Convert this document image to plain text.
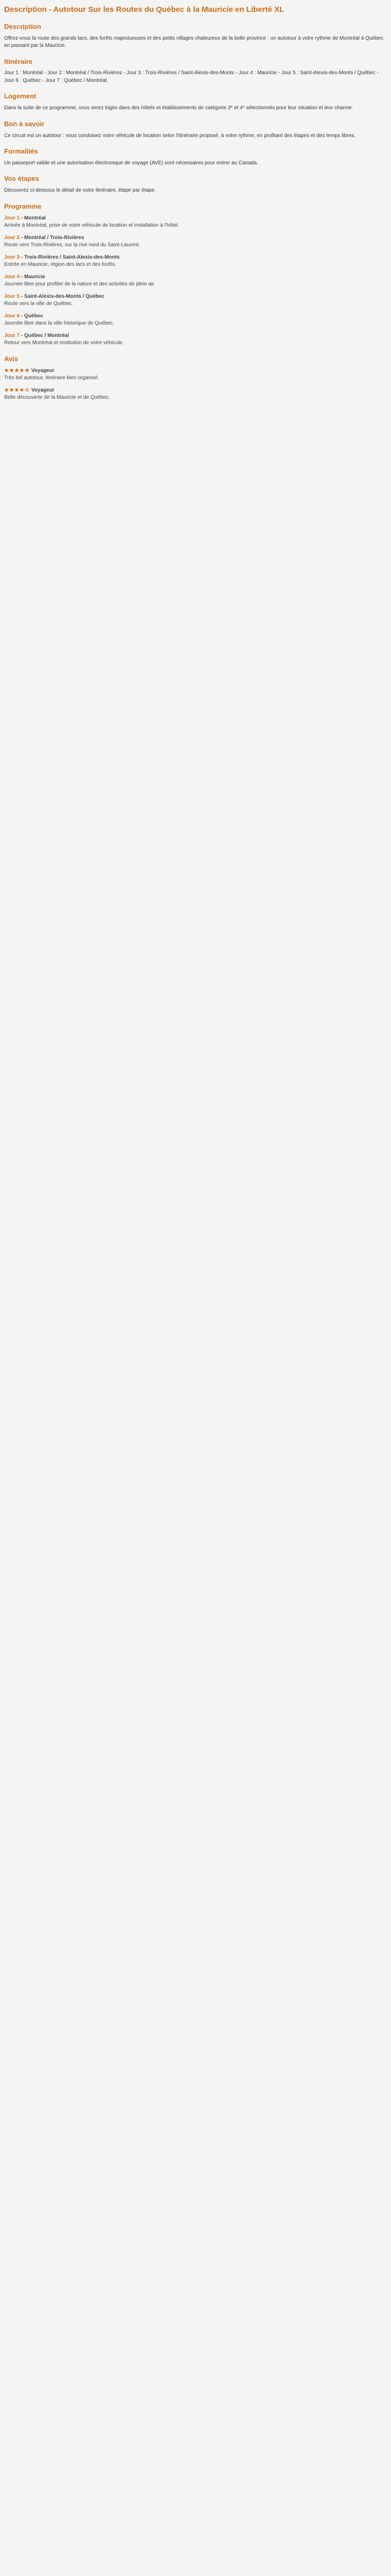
Description - Autotour Sur les Routes du Québec à la Mauricie en Liberté XL
Description

Offrez-vous la route des grands lacs, des forêts majestueuses et des petits villages chaleureux de la belle province : un autotour à votre rythme de Montréal à Québec en passant par la Mauricie.

Itinéraire

Jour 1 : Montréal - Jour 2 : Montréal / Trois-Rivières - Jour 3 : Trois-Rivières / Saint-Alexis-des-Monts - Jour 4 : Mauricie - Jour 5 : Saint-Alexis-des-Monts / Québec - Jour 6 : Québec - Jour 7 : Québec / Montréal.

Logement

Dans la suite de ce programme, vous serez logés dans des hôtels et établissements de catégorie 3* et 4* sélectionnés pour leur situation et leur charme.

Bon à savoir

Ce circuit est un autotour : vous conduisez votre véhicule de location selon l'itinéraire proposé, à votre rythme, en profitant des étapes et des temps libres.

Formalités

Un passeport valide et une autorisation électronique de voyage (AVE) sont nécessaires pour entrer au Canada.

Vos étapes

Découvrez ci-dessous le détail de votre itinéraire, étape par étape.

Programme
Jour 1 - Montréal

Arrivée à Montréal, prise de votre véhicule de location et installation à l'hôtel.

Jour 2 - Montréal / Trois-Rivières

Route vers Trois-Rivières, sur la rive nord du Saint-Laurent.

Jour 3 - Trois-Rivières / Saint-Alexis-des-Monts

Entrée en Mauricie, région des lacs et des forêts.

Jour 4 - Mauricie

Journée libre pour profiter de la nature et des activités de plein air.

Jour 5 - Saint-Alexis-des-Monts / Québec

Route vers la ville de Québec.

Jour 6 - Québec

Journée libre dans la ville historique de Québec.

Jour 7 - Québec / Montréal

Retour vers Montréal et restitution de votre véhicule.

Avis
★★★★★ Voyageur

Très bel autotour, itinéraire bien organisé.

★★★★☆ Voyageur

Belle découverte de la Mauricie et de Québec.
